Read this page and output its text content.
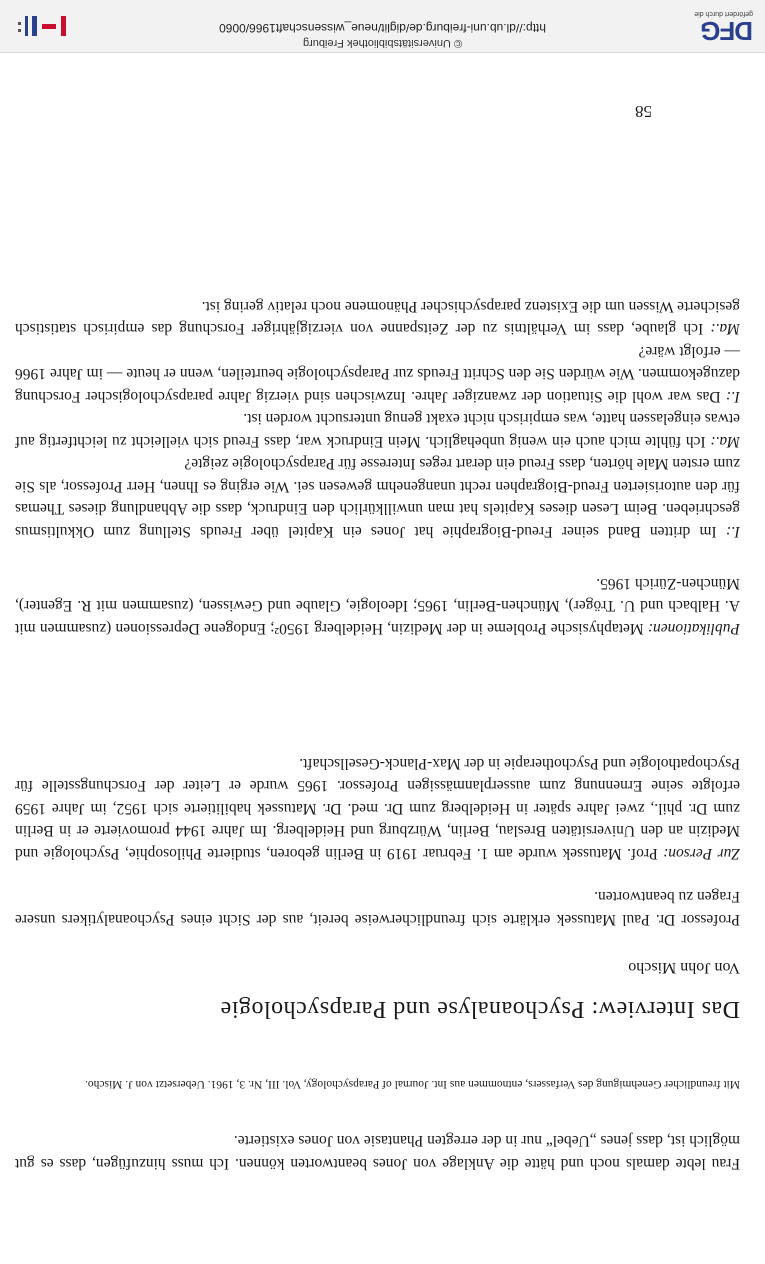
Frau lebte damals noch und hätte die Anklage von Jones beantworten können. Ich muss hinzufügen, dass es gut möglich ist, dass jenes „Uebel“ nur in der erregten Phantasie von Jones existierte.

Mit freundlicher Genehmigung des Verfassers, entnommen aus Int. Journal of Parapsychology, Vol. III, Nr. 3, 1961. Uebersetzt von J. Mischo.
Das Interview: Psychoanalyse und Parapsychologie
Von John Mischo

Professor Dr. Paul Matussek erklärte sich freundlicherweise bereit, aus der Sicht eines Psychoanalytikers unsere Fragen zu beantworten.

Zur Person: Prof. Matussek wurde am 1. Februar 1919 in Berlin geboren, studierte Philosophie, Psychologie und Medizin an den Universitäten Breslau, Berlin, Würzburg und Heidelberg. Im Jahre 1944 promovierte er in Berlin zum Dr. phil., zwei Jahre später in Heidelberg zum Dr. med. Dr. Matussek habilitierte sich 1952, im Jahre 1959 erfolgte seine Ernennung zum ausserplanmässigen Professor. 1965 wurde er Leiter der Forschungsstelle für Psychopathologie und Psychotherapie in der Max-Planck-Gesellschaft.

Publikationen: Metaphysische Probleme in der Medizin, Heidelberg 1950²; Endogene Depressionen (zusammen mit A. Halbach und U. Tröger), München-Berlin, 1965; Ideologie, Glaube und Gewissen, (zusammen mit R. Egenter), München-Zürich 1965.

I.: Im dritten Band seiner Freud-Biographie hat Jones ein Kapitel über Freuds Stellung zum Okkultismus geschrieben. Beim Lesen dieses Kapitels hat man unwillkürlich den Eindruck, dass die Abhandlung dieses Themas für den autorisierten Freud-Biographen recht unangenehm gewesen sei. Wie erging es Ihnen, Herr Professor, als Sie zum ersten Male hörten, dass Freud ein derart reges Interesse für Parapsychologie zeigte?

Ma.: Ich fühlte mich auch ein wenig unbehaglich. Mein Eindruck war, dass Freud sich vielleicht zu leichtfertig auf etwas eingelassen hatte, was empirisch nicht exakt genug untersucht worden ist.

I.: Das war wohl die Situation der zwanziger Jahre. Inzwischen sind vierzig Jahre parapsychologischer Forschung dazugekommen. Wie würden Sie den Schritt Freuds zur Parapsychologie beurteilen, wenn er heute — im Jahre 1966 — erfolgt wäre?

Ma.: Ich glaube, dass im Verhältnis zu der Zeitspanne von vierzigjähriger Forschung das empirisch statistisch gesicherte Wissen um die Existenz parapsychischer Phänomene noch relativ gering ist.

58
DFG
gefördert durch die
© Universitätsbibliothek Freiburg
http://dl.ub.uni-freiburg.de/diglit/neue_wissenschaft1966/0060
